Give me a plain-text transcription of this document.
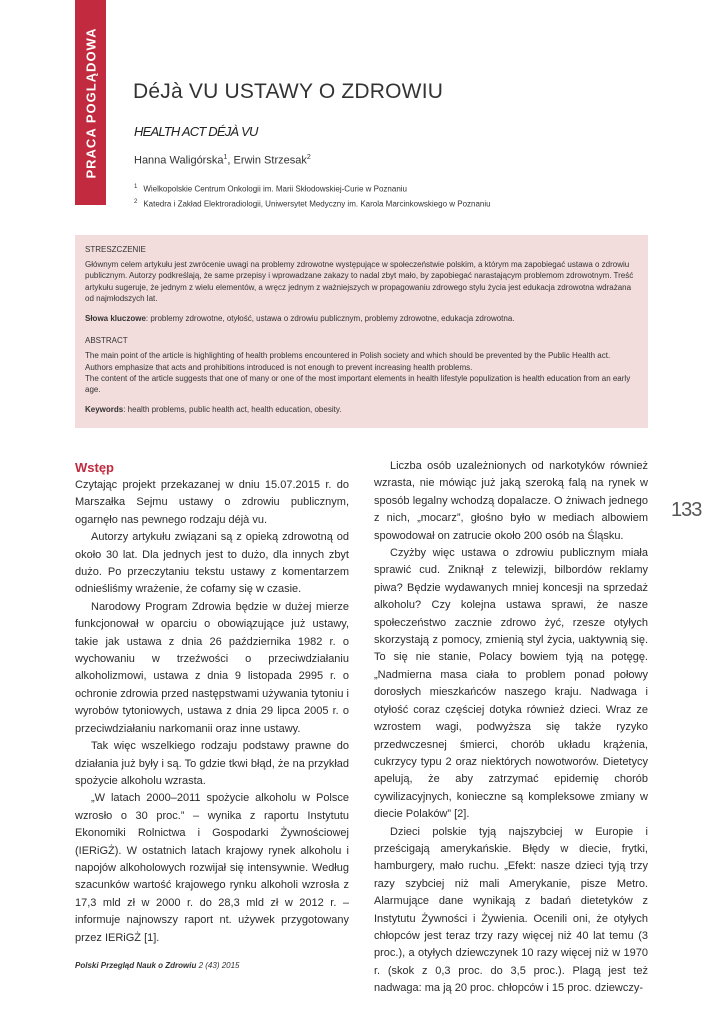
PRACA POGLĄDOWA DéJà VU USTAWY O ZDROWIU
HEALTH ACT DÉJÀ VU
Hanna Waligórska$^1$, Erwin Strzesak$^2$
$^1$ Wielkopolskie Centrum Onkologii im. Marii Skłodowskiej-Curie w Poznaniu
$^2$ Katedra i Zakład Elektroradiologii, Uniwersytet Medyczny im. Karola Marcinkowskiego w Poznaniu
STRESZCZENIE

Głównym celem artykułu jest zwrócenie uwagi na problemy zdrowotne występujące w społeczeństwie polskim, a którym ma zapobiegać ustawa o zdrowiu publicznym. Autorzy podkreślają, że same przepisy i wprowadzane zakazy to nadal zbyt mało, by zapobiegać narastającym problemom zdrowotnym. Treść artykułu sugeruje, że jednym z wielu elementów, a wręcz jednym z ważniejszych w propagowaniu zdrowego stylu życia jest edukacja zdrowotna wdrażana od najmłodszych lat.

Słowa kluczowe: problemy zdrowotne, otyłość, ustawa o zdrowiu publicznym, problemy zdrowotne, edukacja zdrowotna.

ABSTRACT

The main point of the article is highlighting of health problems encountered in Polish society and which should be prevented by the Public Health act.

Authors emphasize that acts and prohibitions introduced is not enough to prevent increasing health problems.

The content of the article suggests that one of many or one of the most important elements in health lifestyle populization is health education from an early age.

Keywords: health problems, public health act, health education, obesity.

Wstęp

Czytając projekt przekazanej w dniu 15.07.2015 r. do Marszałka Sejmu ustawy o zdrowiu publicznym, ogarnęło nas pewnego rodzaju déjà vu.

Autorzy artykułu związani są z opieką zdrowotną od około 30 lat. Dla jednych jest to dużo, dla innych zbyt dużo. Po przeczytaniu tekstu ustawy z komentarzem odnieśliśmy wrażenie, że cofamy się w czasie.

Narodowy Program Zdrowia będzie w dużej mierze funkcjonował w oparciu o obowiązujące już ustawy, takie jak ustawa z dnia 26 października 1982 r. o wychowaniu w trzeźwości o przeciwdziałaniu alkoholizmowi, ustawa z dnia 9 listopada 2995 r. o ochronie zdrowia przed następstwami używania tytoniu i wyrobów tytoniowych, ustawa z dnia 29 lipca 2005 r. o przeciwdziałaniu narkomanii oraz inne ustawy.

Tak więc wszelkiego rodzaju podstawy prawne do działania już były i są. To gdzie tkwi błąd, że na przykład spożycie alkoholu wzrasta.

„W latach 2000–2011 spożycie alkoholu w Polsce wzrosło o 30 proc.” – wynika z raportu Instytutu Ekonomiki Rolnictwa i Gospodarki Żywnościowej (IERiGŻ). W ostatnich latach krajowy rynek alkoholu i napojów alkoholowych rozwijał się intensywnie. Według szacunków wartość krajowego rynku alkoholi wzrosła z 17,3 mld zł w 2000 r. do 28,3 mld zł w 2012 r. – informuje najnowszy raport nt. używek przygotowany przez IERiGŻ [1].

Liczba osób uzależnionych od narkotyków również wzrasta, nie mówiąc już jaką szeroką falą na rynek w sposób legalny wchodzą dopalacze. O żniwach jednego z nich, „mocarz”, głośno było w mediach albowiem spowodował on zatrucie około 200 osób na Śląsku.

Czyżby więc ustawa o zdrowiu publicznym miała sprawić cud. Zniknął z telewizji, bilbordów reklamy piwa? Będzie wydawanych mniej koncesji na sprzedaż alkoholu? Czy kolejna ustawa sprawi, że nasze społeczeństwo zacznie zdrowo żyć, rzesze otyłych skorzystają z pomocy, zmienią styl życia, uaktywnią się. To się nie stanie, Polacy bowiem tyją na potęgę. „Nadmierna masa ciała to problem ponad połowy dorosłych mieszkańców naszego kraju. Nadwaga i otyłość coraz częściej dotyka również dzieci. Wraz ze wzrostem wagi, podwyższa się także ryzyko przedwczesnej śmierci, chorób układu krążenia, cukrzycy typu 2 oraz niektórych nowotworów. Dietetycy apelują, że aby zatrzymać epidemię chorób cywilizacyjnych, konieczne są kompleksowe zmiany w diecie Polaków” [2].

Dzieci polskie tyją najszybciej w Europie i prześcigają amerykańskie. Błędy w diecie, frytki, hamburgery, mało ruchu. „Efekt: nasze dzieci tyją trzy razy szybciej niż mali Amerykanie, pisze Metro. Alarmujące dane wynikają z badań dietetyków z Instytutu Żywności i Żywienia. Ocenili oni, że otyłych chłopców jest teraz trzy razy więcej niż 40 lat temu (3 proc.), a otyłych dziewczynek 10 razy więcej niż w 1970 r. (skok z 0,3 proc. do 3,5 proc.). Plagą jest też nadwaga: ma ją 20 proc. chłopców i 15 proc. dziewczy-

133
Polski Przegląd Nauk o Zdrowiu 2 (43) 2015
